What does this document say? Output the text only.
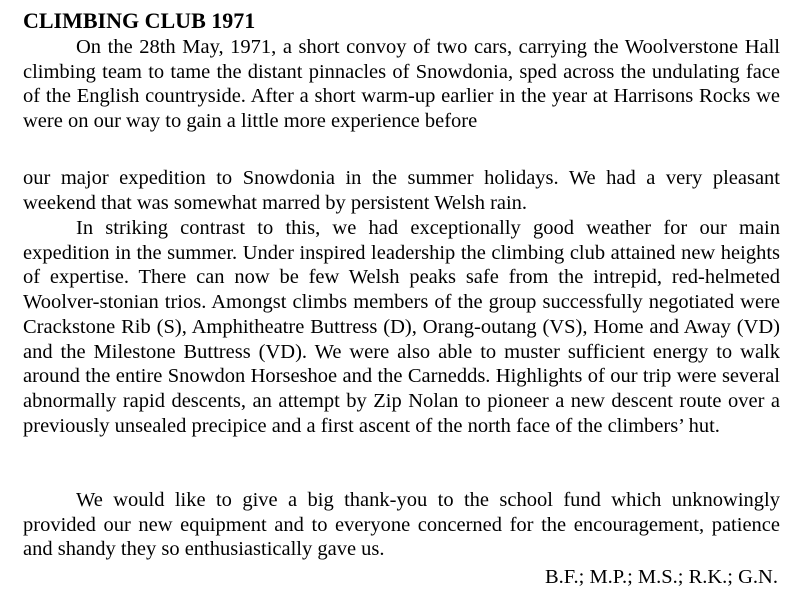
CLIMBING CLUB 1971

On the 28th May, 1971, a short convoy of two cars, carrying the Woolverstone Hall climbing team to tame the distant pinnacles of Snowdonia, sped across the undulating face of the English countryside. After a short warm-up earlier in the year at Harrisons Rocks we were on our way to gain a little more experience before

our major expedition to Snowdonia in the summer holidays. We had a very pleasant weekend that was somewhat marred by persistent Welsh rain.

In striking contrast to this, we had exceptionally good weather for our main expedition in the summer. Under inspired leadership the climbing club attained new heights of expertise. There can now be few Welsh peaks safe from the intrepid, red-helmeted Woolver-stonian trios. Amongst climbs members of the group successfully negotiated were Crackstone Rib (S), Amphitheatre Buttress (D), Orang-outang (VS), Home and Away (VD) and the Milestone Buttress (VD). We were also able to muster sufficient energy to walk around the entire Snowdon Horseshoe and the Carnedds. Highlights of our trip were several abnormally rapid descents, an attempt by Zip Nolan to pioneer a new descent route over a previously unsealed precipice and a first ascent of the north face of the climbers’ hut.

We would like to give a big thank-you to the school fund which unknowingly provided our new equipment and to everyone concerned for the encouragement, patience and shandy they so enthusiastically gave us.

B.F.; M.P.; M.S.; R.K.; G.N.
